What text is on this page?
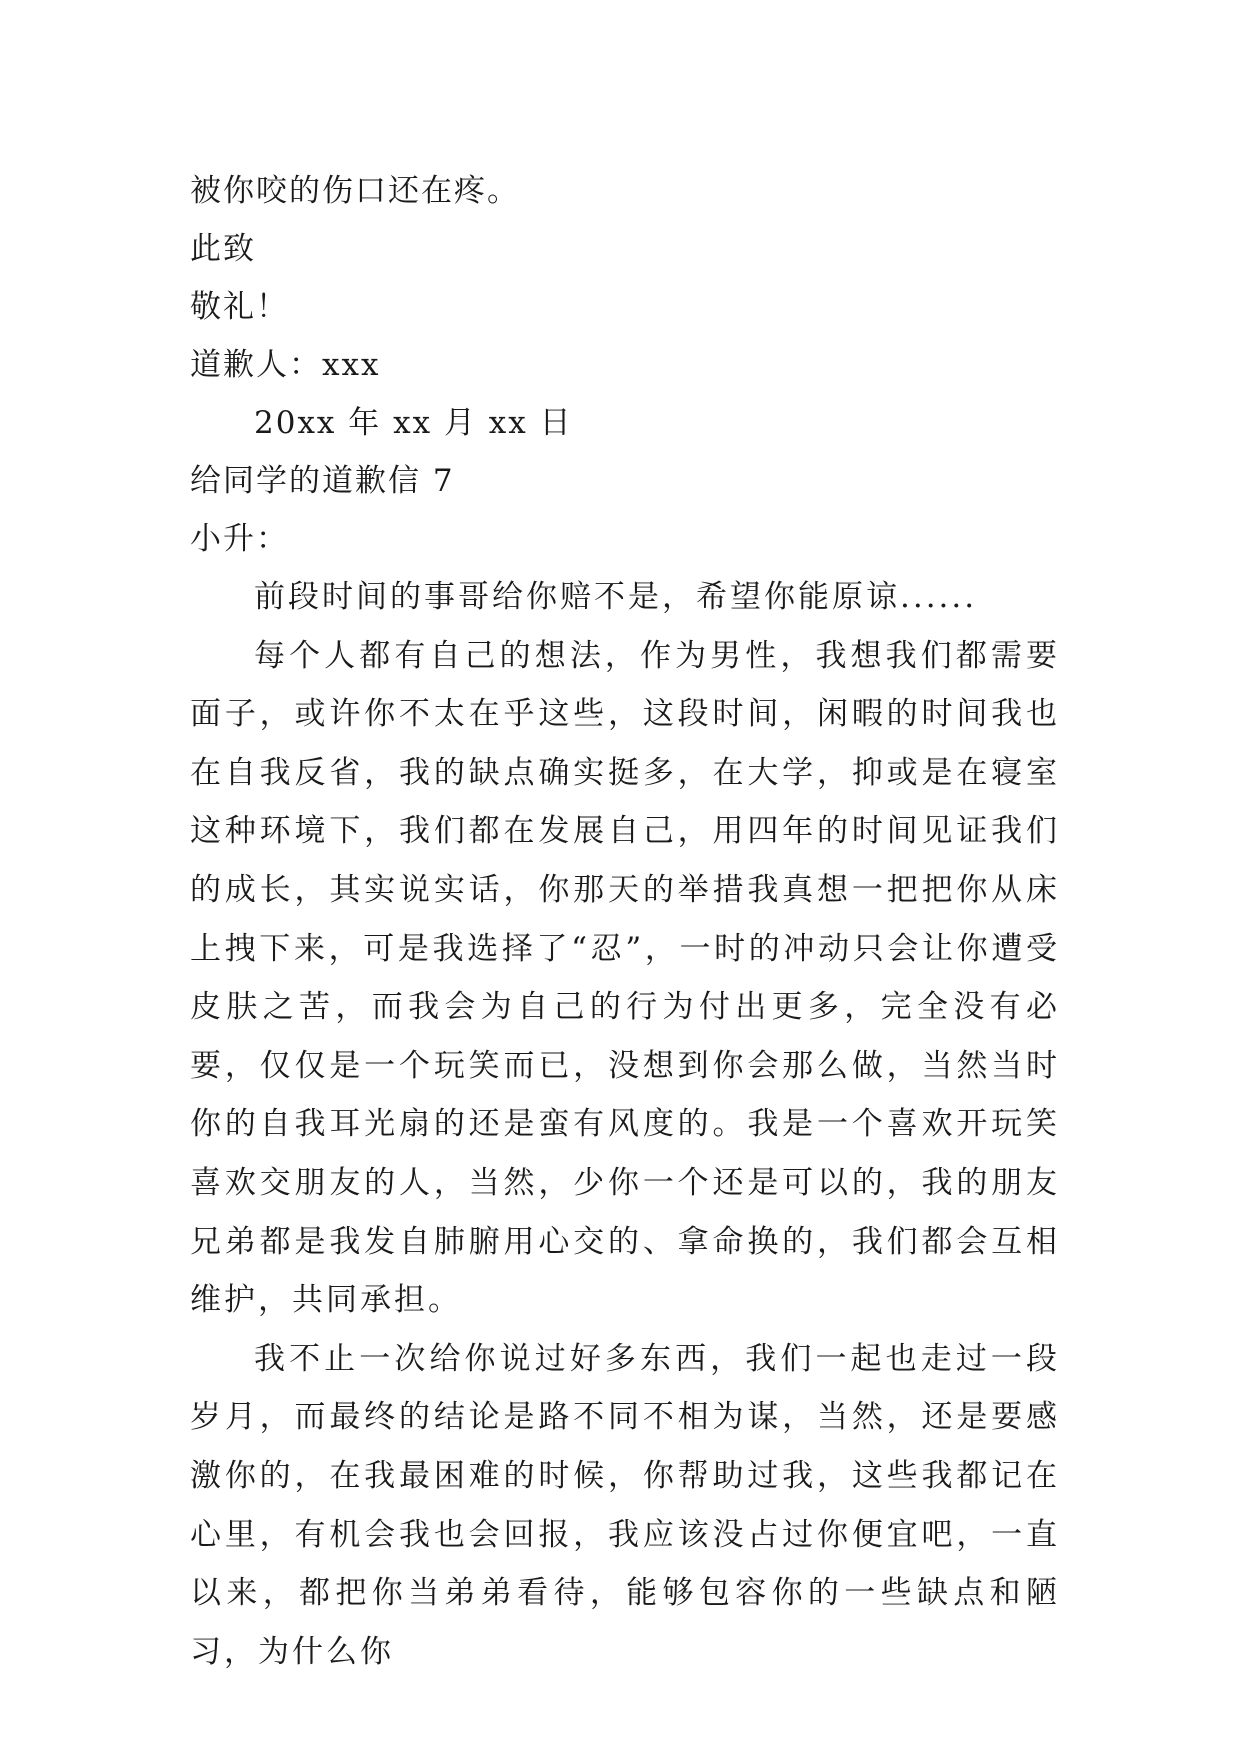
被你咬的伤口还在疼。

此致

敬礼！

道歉人：xxx

20xx 年 xx 月 xx 日

给同学的道歉信 7

小升：

前段时间的事哥给你赔不是，希望你能原谅......

每个人都有自己的想法，作为男性，我想我们都需要面子，或许你不太在乎这些，这段时间，闲暇的时间我也在自我反省，我的缺点确实挺多，在大学，抑或是在寝室这种环境下，我们都在发展自己，用四年的时间见证我们的成长，其实说实话，你那天的举措我真想一把把你从床上拽下来，可是我选择了“忍”，一时的冲动只会让你遭受皮肤之苦，而我会为自己的行为付出更多，完全没有必要，仅仅是一个玩笑而已，没想到你会那么做，当然当时你的自我耳光扇的还是蛮有风度的。我是一个喜欢开玩笑喜欢交朋友的人，当然，少你一个还是可以的，我的朋友兄弟都是我发自肺腑用心交的、拿命换的，我们都会互相维护，共同承担。

我不止一次给你说过好多东西，我们一起也走过一段岁月，而最终的结论是路不同不相为谋，当然，还是要感激你的，在我最困难的时候，你帮助过我，这些我都记在心里，有机会我也会回报，我应该没占过你便宜吧，一直以来，都把你当弟弟看待，能够包容你的一些缺点和陋习，为什么你
